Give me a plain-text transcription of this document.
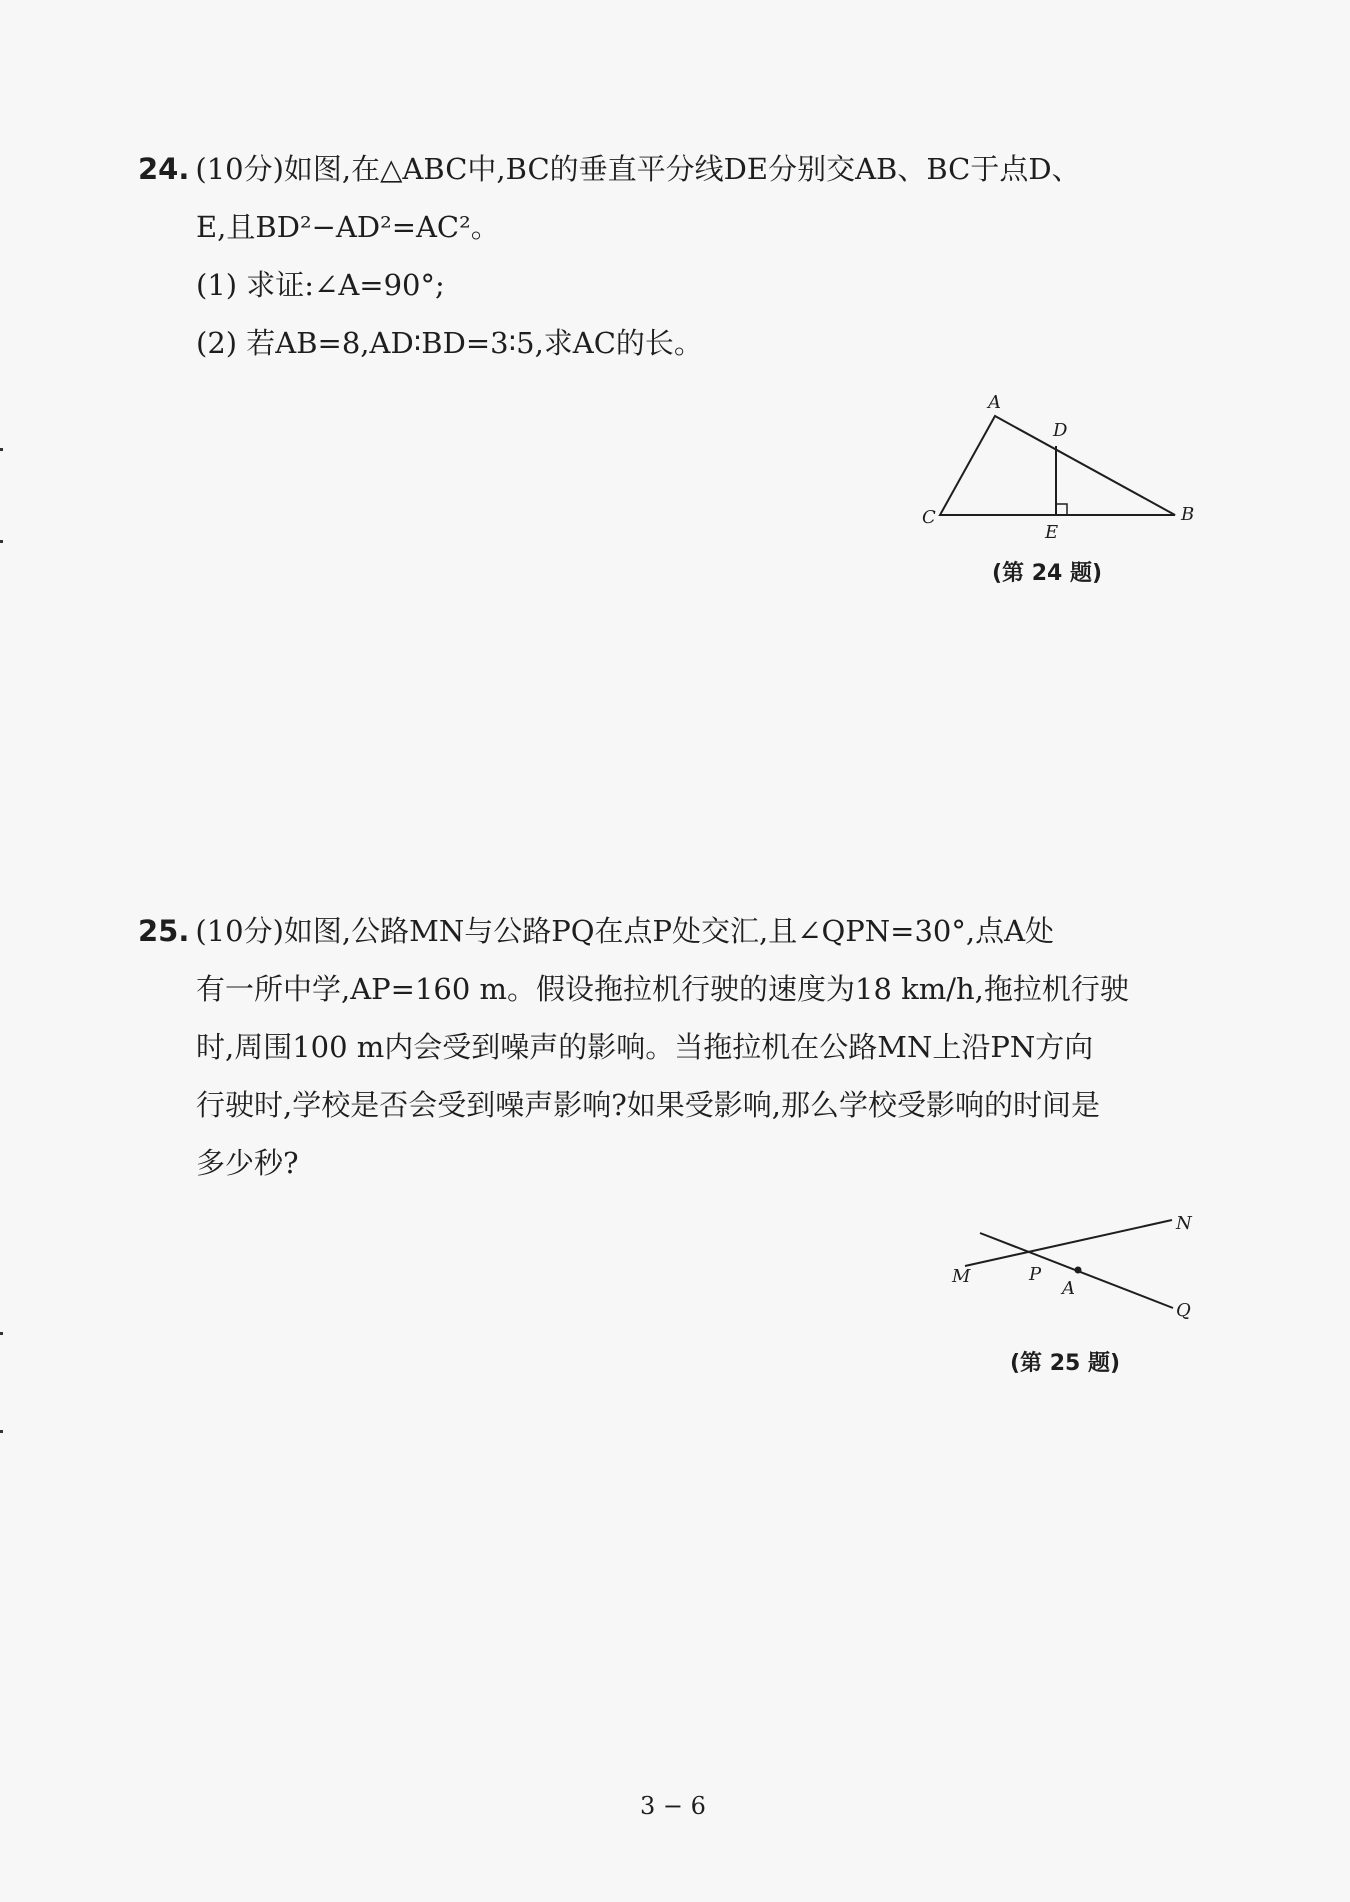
24. (10分)如图,在△ABC中,BC的垂直平分线DE分别交AB、BC于点D、
E,且BD²−AD²=AC²。
(1) 求证:∠A=90°;
(2) 若AB=8,AD∶BD=3∶5,求AC的长。
A
D
C	B
E
(第 24 题)
25. (10分)如图,公路MN与公路PQ在点P处交汇,且∠QPN=30°,点A处
有一所中学,AP=160 m。假设拖拉机行驶的速度为18 km/h,拖拉机行驶
时,周围100 m内会受到噪声的影响。当拖拉机在公路MN上沿PN方向
行驶时,学校是否会受到噪声影响?如果受影响,那么学校受影响的时间是
多少秒?
N
M	P
A
Q
(第 25 题)
3 − 6
